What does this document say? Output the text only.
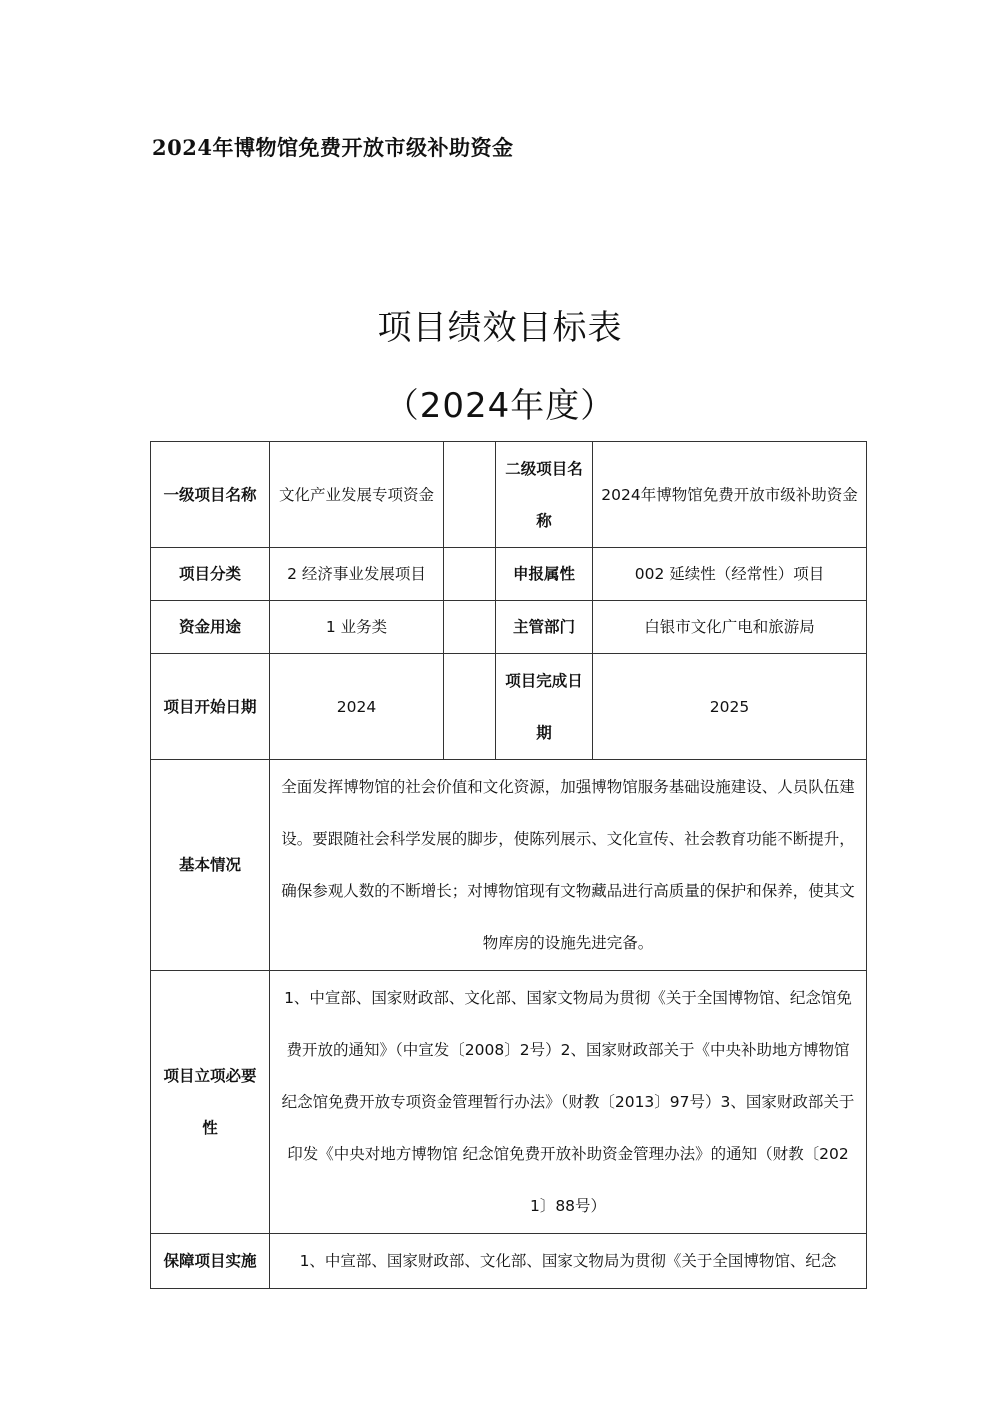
2024年博物馆免费开放市级补助资金
项目绩效目标表
（2024年度）
一级项目名称	文化产业发展专项资金		二级项目名称	2024年博物馆免费开放市级补助资金
项目分类	2 经济事业发展项目		申报属性	002 延续性（经常性）项目
资金用途	1 业务类		主管部门	白银市文化广电和旅游局
项目开始日期	2024		项目完成日期	2025
基本情况	全面发挥博物馆的社会价值和文化资源，加强博物馆服务基础设施建设、人员队伍建设。要跟随社会科学发展的脚步，使陈列展示、文化宣传、社会教育功能不断提升，确保参观人数的不断增长；对博物馆现有文物藏品进行高质量的保护和保养，使其文物库房的设施先进完备。			
项目立项必要性	1、中宣部、国家财政部、文化部、国家文物局为贯彻《关于全国博物馆、纪念馆免费开放的通知》（中宣发〔2008〕2号）2、国家财政部关于《中央补助地方博物馆纪念馆免费开放专项资金管理暂行办法》（财教〔2013〕97号）3、国家财政部关于印发《中央对地方博物馆 纪念馆免费开放补助资金管理办法》的通知（财教〔2021〕88号）			
保障项目实施	1、中宣部、国家财政部、文化部、国家文物局为贯彻《关于全国博物馆、纪念			
